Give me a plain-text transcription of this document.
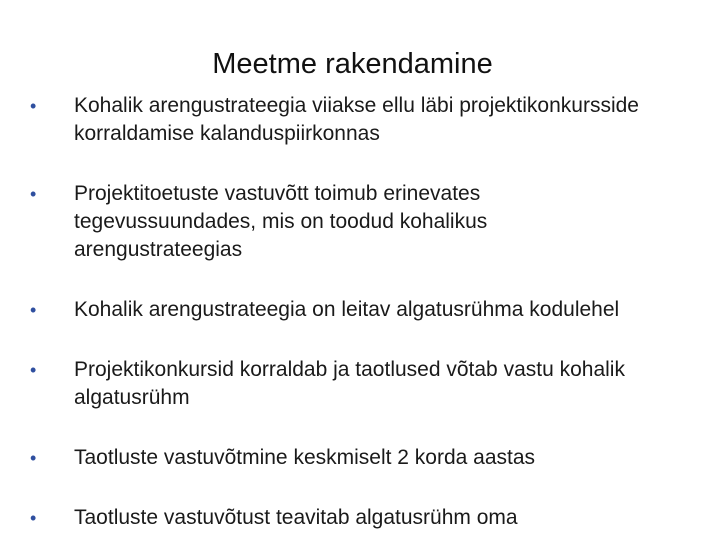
Meetme rakendamine
• Kohalik arengustrateegia viiakse ellu läbi projektikonkursside korraldamise kalanduspiirkonnas
• Projektitoetuste vastuvõtt toimub erinevates tegevussuundades, mis on toodud kohalikus arengustrateegias
• Kohalik arengustrateegia on leitav algatusrühma kodulehel
• Projektikonkursid korraldab ja taotlused võtab vastu kohalik algatusrühm
• Taotluste vastuvõtmine keskmiselt 2 korda aastas
• Taotluste vastuvõtust teavitab algatusrühm oma
